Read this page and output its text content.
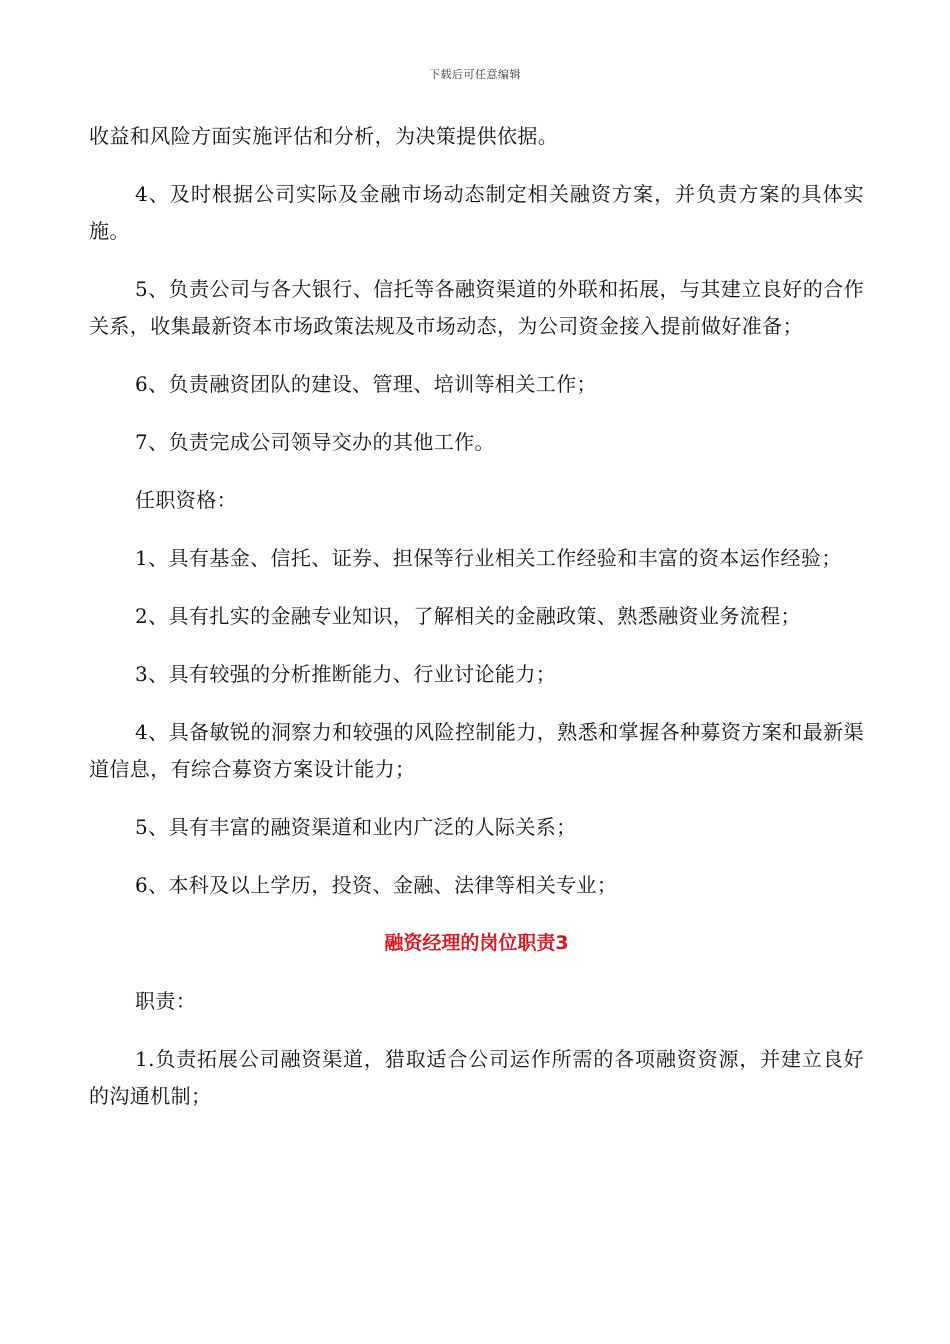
下载后可任意编辑

收益和风险方面实施评估和分析，为决策提供依据。

4、及时根据公司实际及金融市场动态制定相关融资方案，并负责方案的具体实施。

5、负责公司与各大银行、信托等各融资渠道的外联和拓展，与其建立良好的合作关系，收集最新资本市场政策法规及市场动态，为公司资金接入提前做好准备；

6、负责融资团队的建设、管理、培训等相关工作；

7、负责完成公司领导交办的其他工作。

任职资格：

1、具有基金、信托、证券、担保等行业相关工作经验和丰富的资本运作经验；

2、具有扎实的金融专业知识，了解相关的金融政策、熟悉融资业务流程；

3、具有较强的分析推断能力、行业讨论能力；

4、具备敏锐的洞察力和较强的风险控制能力，熟悉和掌握各种募资方案和最新渠道信息，有综合募资方案设计能力；

5、具有丰富的融资渠道和业内广泛的人际关系；

6、本科及以上学历，投资、金融、法律等相关专业；

融资经理的岗位职责3

职责：

1.负责拓展公司融资渠道，猎取适合公司运作所需的各项融资资源，并建立良好的沟通机制；
